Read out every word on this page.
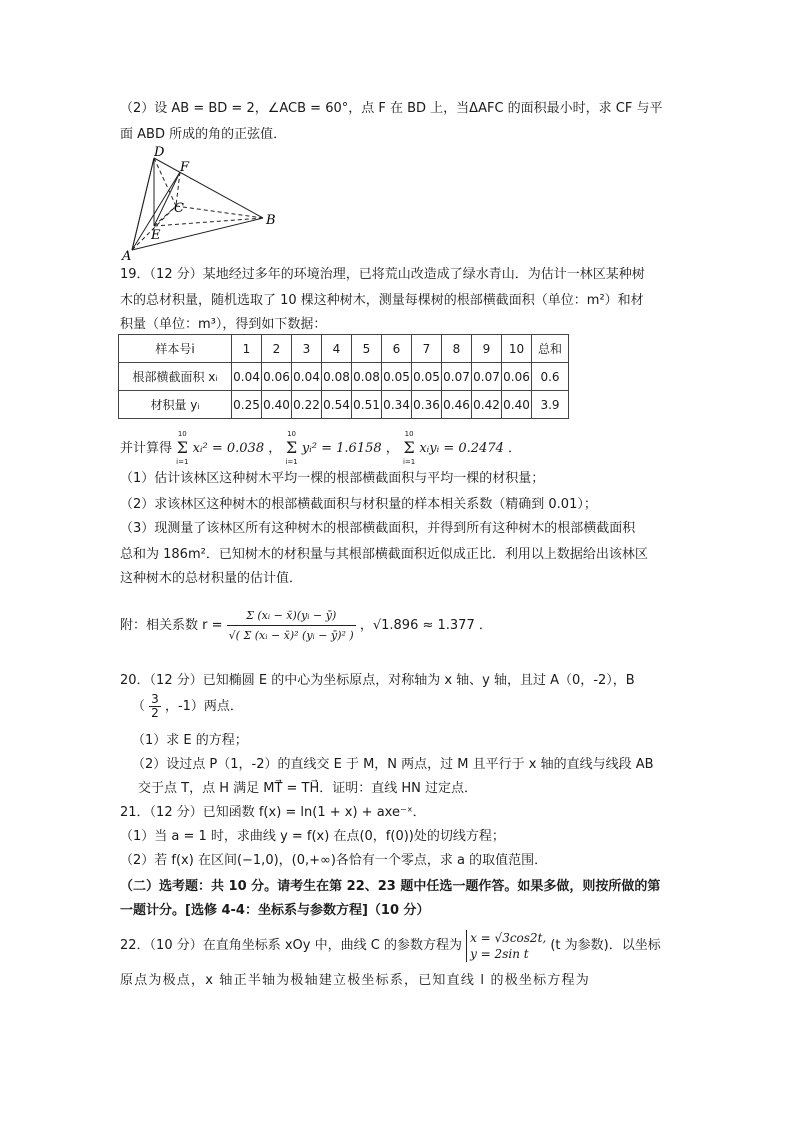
（2）设 AB = BD = 2，∠ACB = 60°，点 F 在 BD 上，当ΔAFC 的面积最小时，求 CF 与平
面 ABD 所成的角的正弦值．
D
F
C
E
B
A
19．（12 分）某地经过多年的环境治理，已将荒山改造成了绿水青山．为估计一林区某种树
木的总材积量，随机选取了 10 棵这种树木，测量每棵树的根部横截面积（单位：m²）和材
积量（单位：m³），得到如下数据：
样本号i	1	2	3	4	5	6	7	8	9	10	总和
根部横截面积 xᵢ	0.04	0.06	0.04	0.08	0.08	0.05	0.05	0.07	0.07	0.06	0.6
材积量 yᵢ	0.25	0.40	0.22	0.54	0.51	0.34	0.36	0.46	0.42	0.40	3.9
并计算得
10
Σ
i=1
xᵢ² = 0.038 ，
10
Σ
i=1
yᵢ² = 1.6158 ，
10
Σ
i=1
xᵢyᵢ = 0.2474 ．
（1）估计该林区这种树木平均一棵的根部横截面积与平均一棵的材积量；
（2）求该林区这种树木的根部横截面积与材积量的样本相关系数（精确到 0.01）；
（3）现测量了该林区所有这种树木的根部横截面积，并得到所有这种树木的根部横截面积
总和为 186m²．已知树木的材积量与其根部横截面积近似成正比．利用以上数据给出该林区
这种树木的总材积量的估计值．
附：相关系数 $r = \frac{\text{Σ (xᵢ − x̄)(yᵢ − ȳ)}}{\text{√( Σ (xᵢ − x̄)² (yᵢ − ȳ)² )}}$ ，√1.896 ≈ 1.377 ．
20．（12 分）已知椭圆 E 的中心为坐标原点，对称轴为 x 轴、y 轴，且过 A（0，-2），B
（ $\frac{3}{2}$ ，-1）两点．
（1）求 E 的方程；
（2）设过点 P（1，-2）的直线交 E 于 M，N 两点，过 M 且平行于 x 轴的直线与线段 AB
交于点 T，点 H 满足 MT⃗ = TH⃗．证明：直线 HN 过定点．
21．（12 分）已知函数 f(x) = ln(1 + x) + axe⁻ˣ．
（1）当 a = 1 时，求曲线 y = f(x) 在点(0，f(0))处的切线方程；
（2）若 f(x) 在区间(−1,0)，(0,+∞)各恰有一个零点，求 a 的取值范围．
（二）选考题：共 10 分。请考生在第 22、23 题中任选一题作答。如果多做，则按所做的第
一题计分。[选修 4-4：坐标系与参数方程]（10 分）
22．（10 分）在直角坐标系 xOy 中，曲线 C 的参数方程为
x = √3cos2t,
y = 2sin t
(t 为参数)．以坐标
原点为极点，x 轴正半轴为极轴建立极坐标系，已知直线 l 的极坐标方程为
